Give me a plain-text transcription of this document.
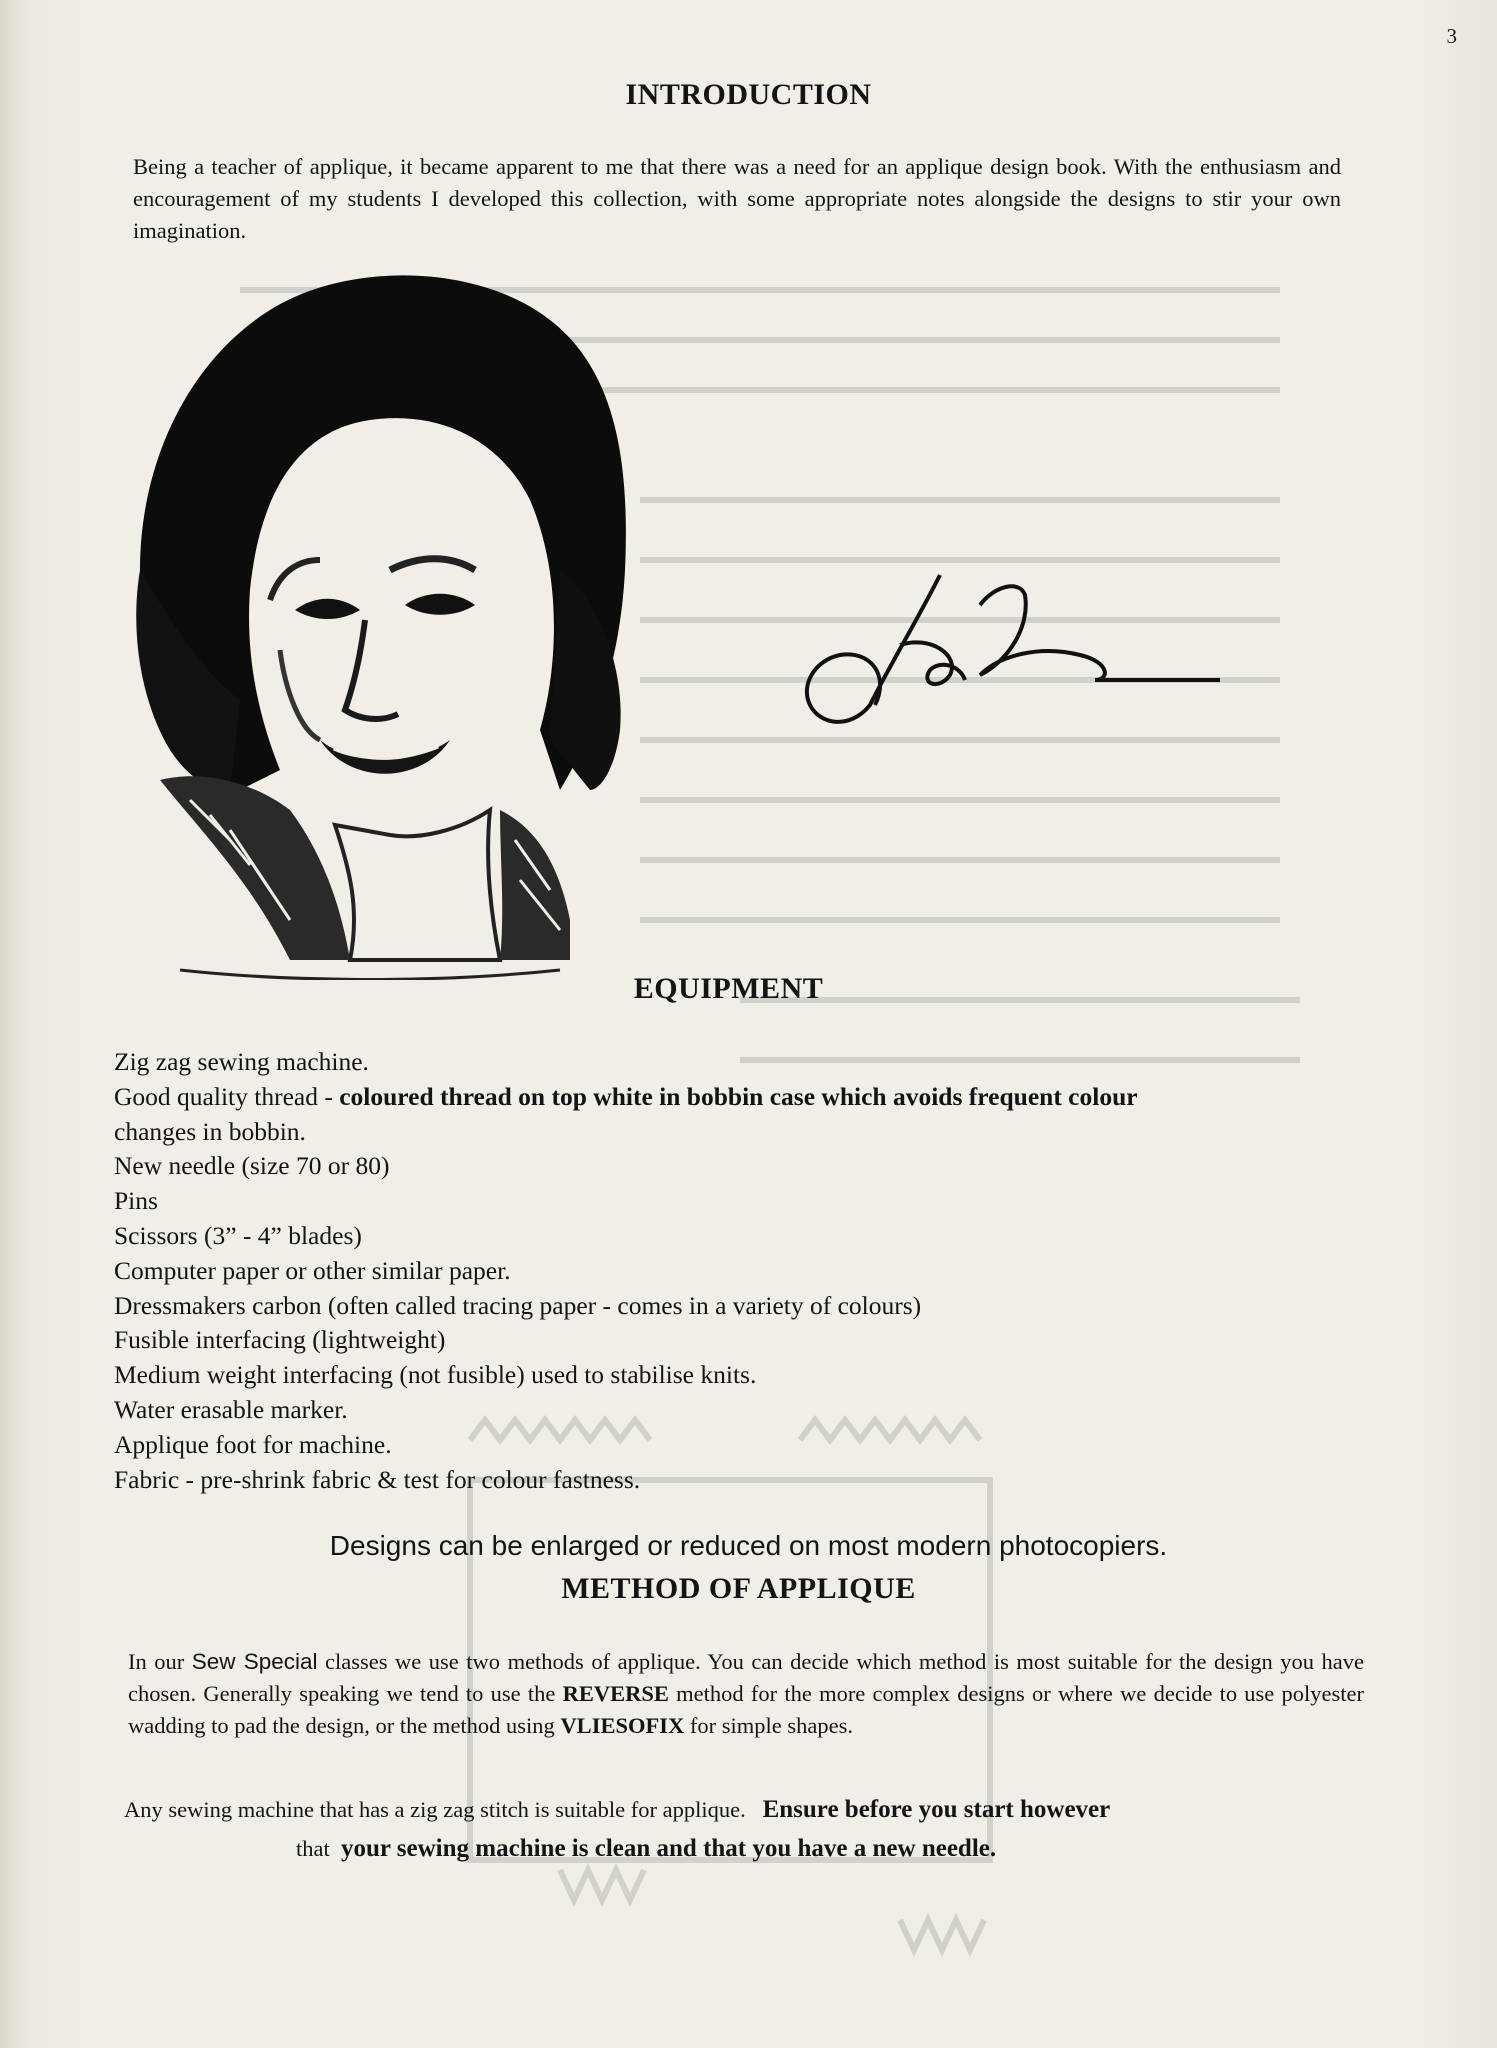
3
INTRODUCTION

Being a teacher of applique, it became apparent to me that there was a need for an applique design book. With the enthusiasm and encouragement of my students I developed this collection, with some appropriate notes alongside the designs to stir your own imagination.

EQUIPMENT
Zig zag sewing machine.
Good quality thread - coloured thread on top white in bobbin case which avoids frequent colour
changes in bobbin.
New needle (size 70 or 80)
Pins
Scissors (3” - 4” blades)
Computer paper or other similar paper.
Dressmakers carbon (often called tracing paper - comes in a variety of colours)
Fusible interfacing (lightweight)
Medium weight interfacing (not fusible) used to stabilise knits.
Water erasable marker.
Applique foot for machine.
Fabric - pre-shrink fabric & test for colour fastness.
Designs can be enlarged or reduced on most modern photocopiers.
METHOD OF APPLIQUE

In our Sew Special classes we use two methods of applique. You can decide which method is most suitable for the design you have chosen. Generally speaking we tend to use the REVERSE method for the more complex designs or where we decide to use polyester wadding to pad the design, or the method using VLIESOFIX for simple shapes.

Any sewing machine that has a zig zag stitch is suitable for applique. Ensure before you start however
that your sewing machine is clean and that you have a new needle.
